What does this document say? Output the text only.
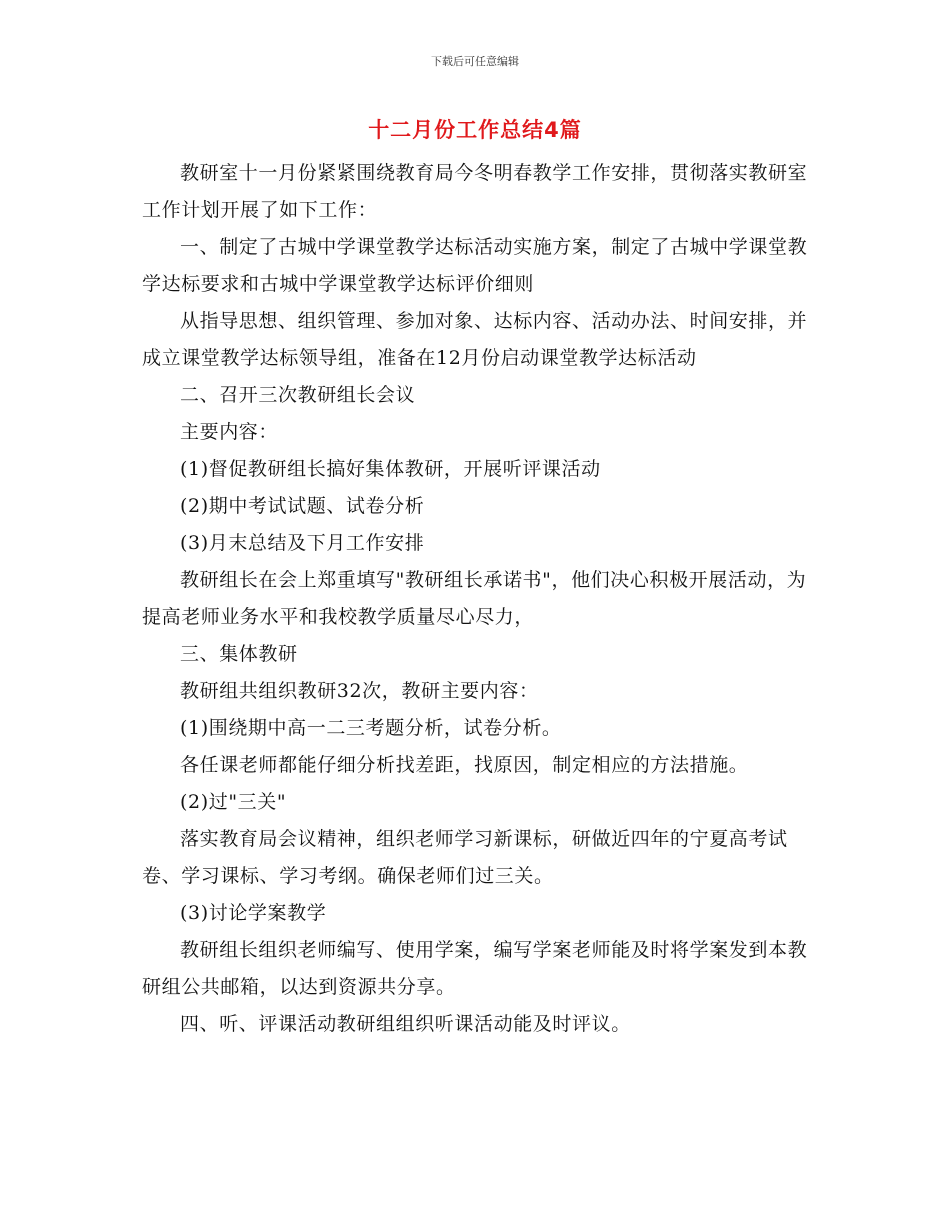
下载后可任意编辑
十二月份工作总结4篇

教研室十一月份紧紧围绕教育局今冬明春教学工作安排，贯彻落实教研室工作计划开展了如下工作：

一、制定了古城中学课堂教学达标活动实施方案，制定了古城中学课堂教学达标要求和古城中学课堂教学达标评价细则

从指导思想、组织管理、参加对象、达标内容、活动办法、时间安排，并成立课堂教学达标领导组，准备在12月份启动课堂教学达标活动

二、召开三次教研组长会议

主要内容：

(1)督促教研组长搞好集体教研，开展听评课活动

(2)期中考试试题、试卷分析

(3)月末总结及下月工作安排

教研组长在会上郑重填写"教研组长承诺书"，他们决心积极开展活动，为提高老师业务水平和我校教学质量尽心尽力，

三、集体教研

教研组共组织教研32次，教研主要内容：

(1)围绕期中高一二三考题分析，试卷分析。

各任课老师都能仔细分析找差距，找原因，制定相应的方法措施。

(2)过"三关"

落实教育局会议精神，组织老师学习新课标，研做近四年的宁夏高考试卷、学习课标、学习考纲。确保老师们过三关。

(3)讨论学案教学

教研组长组织老师编写、使用学案，编写学案老师能及时将学案发到本教研组公共邮箱，以达到资源共分享。

四、听、评课活动教研组组织听课活动能及时评议。
